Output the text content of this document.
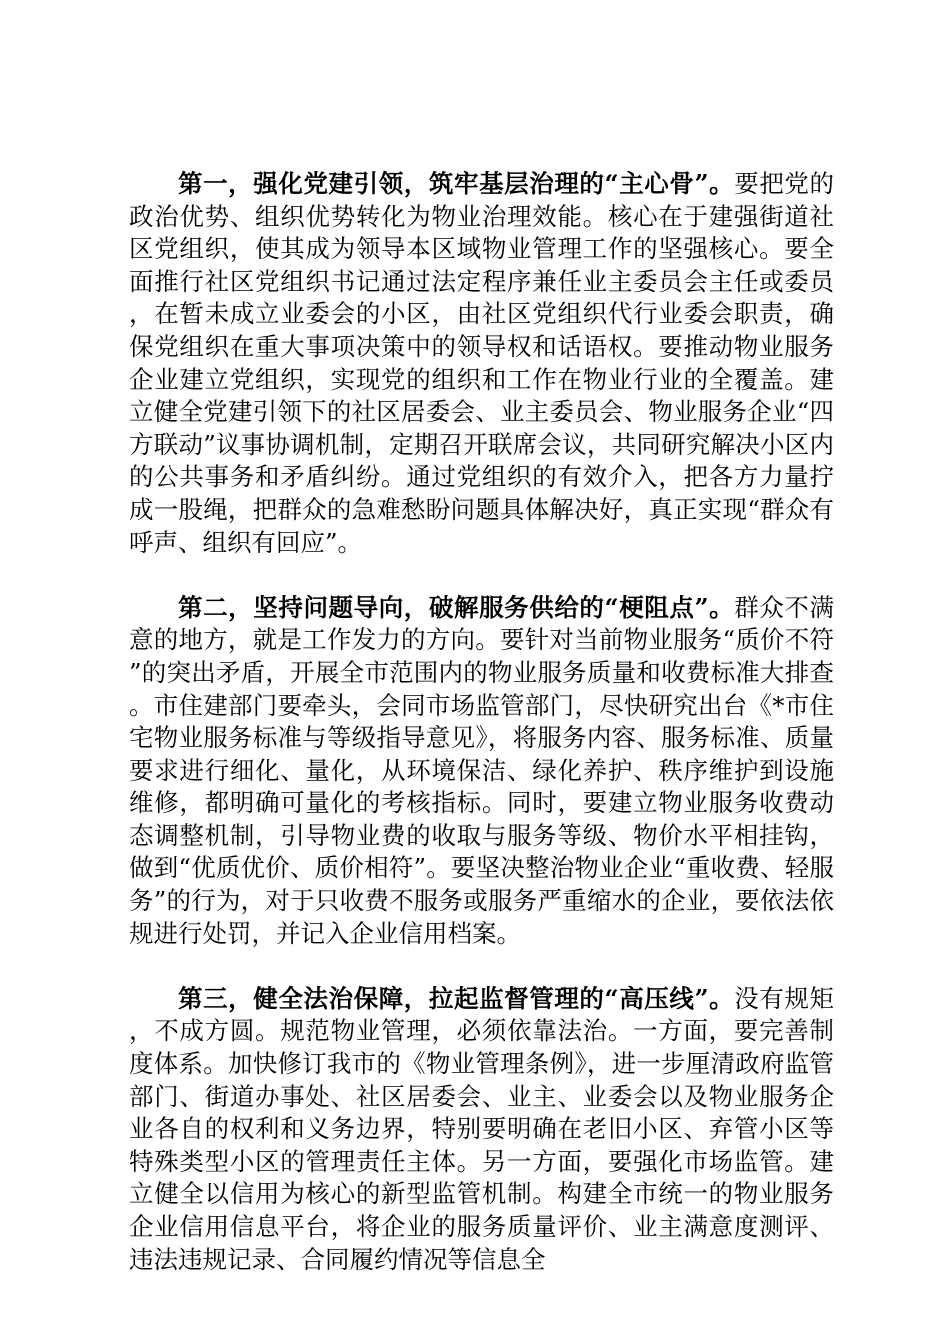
第一，强化党建引领，筑牢基层治理的“主心骨”。要把党的政治优势、组织优势转化为物业治理效能。核心在于建强街道社区党组织，使其成为领导本区域物业管理工作的坚强核心。要全面推行社区党组织书记通过法定程序兼任业主委员会主任或委员，在暂未成立业委会的小区，由社区党组织代行业委会职责，确保党组织在重大事项决策中的领导权和话语权。要推动物业服务企业建立党组织，实现党的组织和工作在物业行业的全覆盖。建立健全党建引领下的社区居委会、业主委员会、物业服务企业“四方联动”议事协调机制，定期召开联席会议，共同研究解决小区内的公共事务和矛盾纠纷。通过党组织的有效介入，把各方力量拧成一股绳，把群众的急难愁盼问题具体解决好，真正实现“群众有呼声、组织有回应”。

第二，坚持问题导向，破解服务供给的“梗阻点”。群众不满意的地方，就是工作发力的方向。要针对当前物业服务“质价不符”的突出矛盾，开展全市范围内的物业服务质量和收费标准大排查。市住建部门要牵头，会同市场监管部门，尽快研究出台《*市住宅物业服务标准与等级指导意见》，将服务内容、服务标准、质量要求进行细化、量化，从环境保洁、绿化养护、秩序维护到设施维修，都明确可量化的考核指标。同时，要建立物业服务收费动态调整机制，引导物业费的收取与服务等级、物价水平相挂钩，做到“优质优价、质价相符”。要坚决整治物业企业“重收费、轻服务”的行为，对于只收费不服务或服务严重缩水的企业，要依法依规进行处罚，并记入企业信用档案。

第三，健全法治保障，拉起监督管理的“高压线”。没有规矩，不成方圆。规范物业管理，必须依靠法治。一方面，要完善制度体系。加快修订我市的《物业管理条例》，进一步厘清政府监管部门、街道办事处、社区居委会、业主、业委会以及物业服务企业各自的权利和义务边界，特别要明确在老旧小区、弃管小区等特殊类型小区的管理责任主体。另一方面，要强化市场监管。建立健全以信用为核心的新型监管机制。构建全市统一的物业服务企业信用信息平台，将企业的服务质量评价、业主满意度测评、违法违规记录、合同履约情况等信息全
